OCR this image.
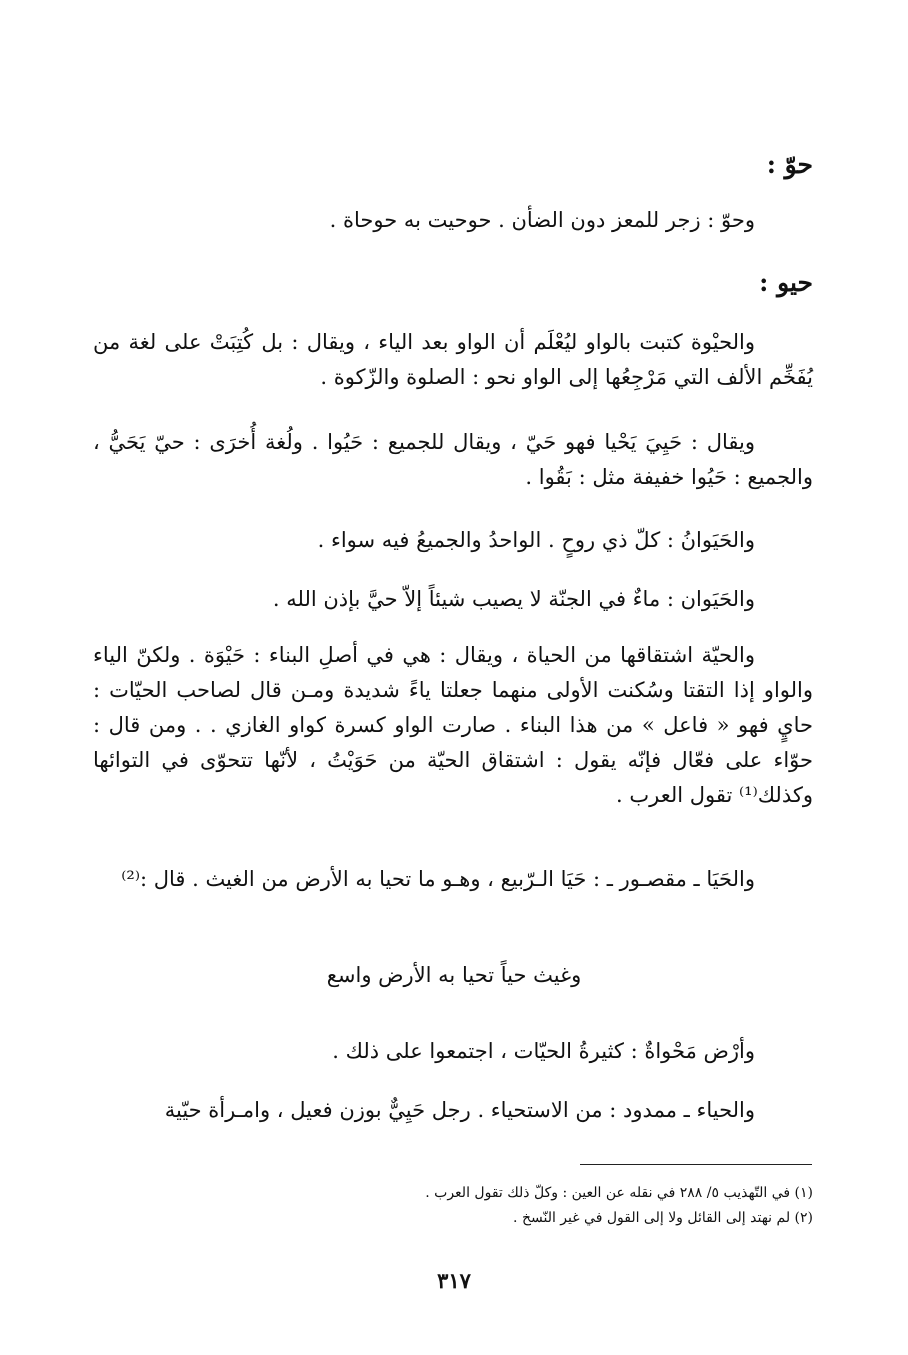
حوّ :
وحوّ : زجر للمعز دون الضأن . حوحيت به حوحاة .
حيو :
والحيْوة كتبت بالواو ليُعْلَم أن الواو بعد الياء ، ويقال : بل كُتِبَتْ على لغة من يُفَخِّم الألف التي مَرْجِعُها إلى الواو نحو : الصلوة والزّكوة .
ويقال : حَيِيَ يَحْيا فهو حَيّ ، ويقال للجميع : حَيُوا . ولُغة أُخرَى : حيّ يَحَيُّ ، والجميع : حَيُوا خفيفة مثل : بَقُوا .
والحَيَوانُ : كلّ ذي روحٍ . الواحدُ والجميعُ فيه سواء .
والحَيَوان : ماءٌ في الجنّة لا يصيب شيئاً إلاّ حيَّ بإذن الله .
والحيّة اشتقاقها من الحياة ، ويقال : هي في أصلِ البناء : حَيْوَة . ولكنّ الياء والواو إذا التقتا وسُكنت الأولى منهما جعلتا ياءً شديدة ومـن قال لصاحب الحيّات : حايٍ فهو « فاعل » من هذا البناء . صارت الواو كسرة كواو الغازي . . ومن قال : حوّاء على فعّال فإنّه يقول : اشتقاق الحيّة من حَوَيْتُ ، لأنّها تتحوّى في التوائها وكذلك⁽¹⁾ تقول العرب .
والحَيَا ـ مقصـور ـ : حَيَا الـرّبيع ، وهـو ما تحيا به الأرض من الغيث . قال :⁽²⁾
وغيث حياً تحيا به الأرض واسع
وأرْض مَحْواةٌ : كثيرةُ الحيّات ، اجتمعوا على ذلك .
والحياء ـ ممدود : من الاستحياء . رجل حَيِيٌّ بوزن فعيل ، وامـرأة حيّية
(١) في التّهذيب ٥/ ٢٨٨ في نقله عن العين : وكلّ ذلك تقول العرب .
(٢) لم نهتد إلى القائل ولا إلى القول في غير النّسخ .
٣١٧
